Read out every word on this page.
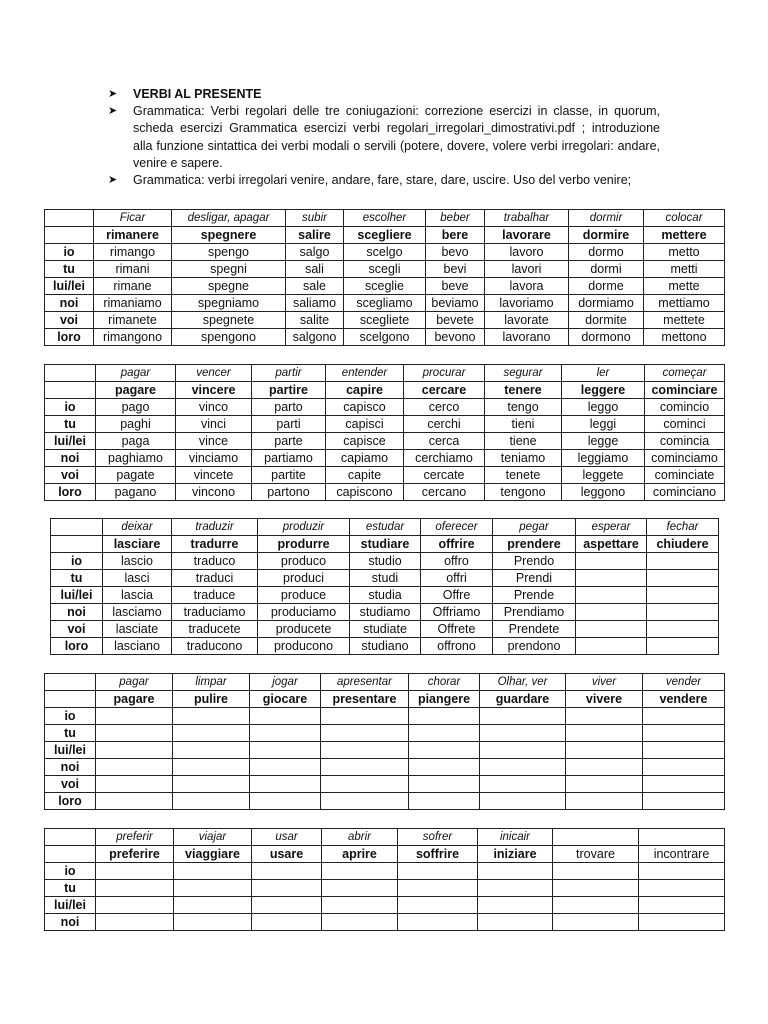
➤	VERBI AL PRESENTE
➤	Grammatica: Verbi regolari delle tre coniugazioni: correzione esercizi in classe, in quorum, scheda esercizi Grammatica esercizi verbi regolari_irregolari_dimostrativi.pdf ; introduzione alla funzione sintattica dei verbi modali o servili (potere, dovere, volere verbi irregolari: andare, venire e sapere.
➤	Grammatica: verbi irregolari venire, andare, fare, stare, dare, uscire. Uso del verbo venire;
	Ficar	desligar, apagar	subir	escolher	beber	trabalhar	dormir	colocar
	rimanere	spegnere	salire	scegliere	bere	lavorare	dormire	mettere
io	rimango	spengo	salgo	scelgo	bevo	lavoro	dormo	metto
tu	rimani	spegni	sali	scegli	bevi	lavori	dormi	metti
lui/lei	rimane	spegne	sale	sceglie	beve	lavora	dorme	mette
noi	rimaniamo	spegniamo	saliamo	scegliamo	beviamo	lavoriamo	dormiamo	mettiamo
voi	rimanete	spegnete	salite	scegliete	bevete	lavorate	dormite	mettete
loro	rimangono	spengono	salgono	scelgono	bevono	lavorano	dormono	mettono
	pagar	vencer	partir	entender	procurar	segurar	ler	começar
	pagare	vincere	partire	capire	cercare	tenere	leggere	cominciare
io	pago	vinco	parto	capisco	cerco	tengo	leggo	comincio
tu	paghi	vinci	parti	capisci	cerchi	tieni	leggi	cominci
lui/lei	paga	vince	parte	capisce	cerca	tiene	legge	comincia
noi	paghiamo	vinciamo	partiamo	capiamo	cerchiamo	teniamo	leggiamo	cominciamo
voi	pagate	vincete	partite	capite	cercate	tenete	leggete	cominciate
loro	pagano	vincono	partono	capiscono	cercano	tengono	leggono	cominciano
	deixar	traduzir	produzir	estudar	oferecer	pegar	esperar	fechar
	lasciare	tradurre	produrre	studiare	offrire	prendere	aspettare	chiudere
io	lascio	traduco	produco	studio	offro	Prendo		
tu	lasci	traduci	produci	studi	offri	Prendi		
lui/lei	lascia	traduce	produce	studia	Offre	Prende		
noi	lasciamo	traduciamo	produciamo	studiamo	Offriamo	Prendiamo		
voi	lasciate	traducete	producete	studiate	Offrete	Prendete		
loro	lasciano	traducono	producono	studiano	offrono	prendono		
	pagar	limpar	jogar	apresentar	chorar	Olhar, ver	viver	vender
	pagare	pulire	giocare	presentare	piangere	guardare	vivere	vendere
io								
tu								
lui/lei								
noi								
voi								
loro								
	preferir	viajar	usar	abrir	sofrer	inicair		
	preferire	viaggiare	usare	aprire	soffrire	iniziare	trovare	incontrare
io								
tu								
lui/lei								
noi								
